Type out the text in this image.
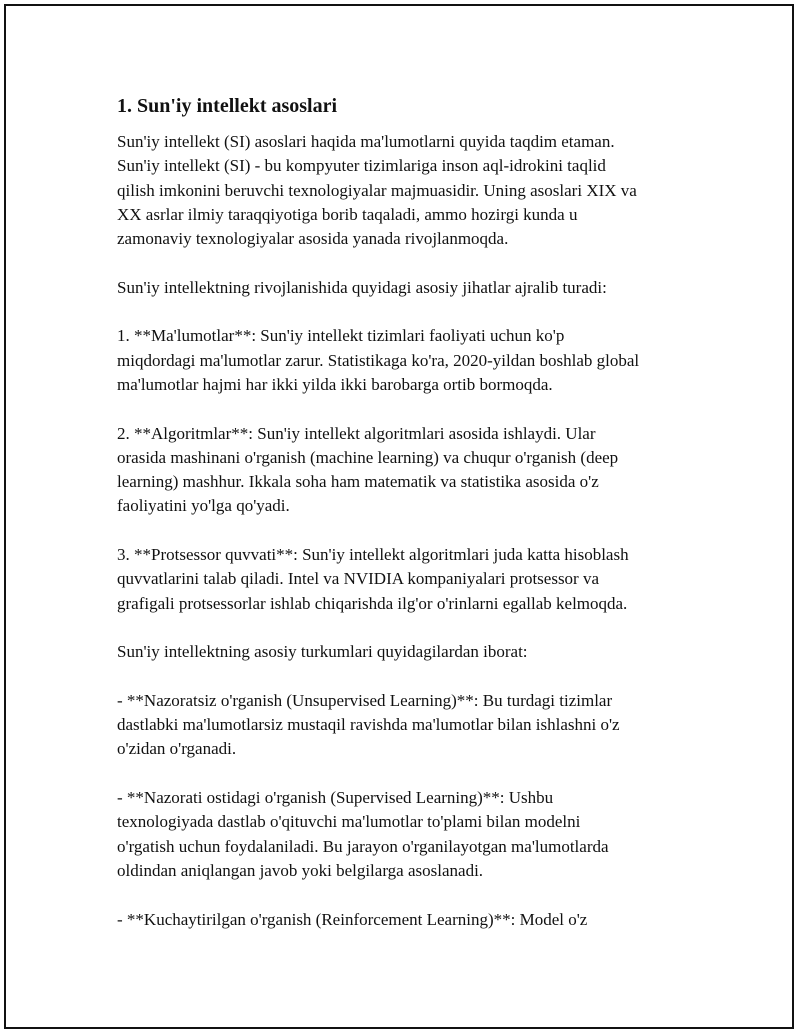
1. Sun'iy intellekt asoslari

Sun'iy intellekt (SI) asoslari haqida ma'lumotlarni quyida taqdim etaman.
Sun'iy intellekt (SI) - bu kompyuter tizimlariga inson aql-idrokini taqlid
qilish imkonini beruvchi texnologiyalar majmuasidir. Uning asoslari XIX va
XX asrlar ilmiy taraqqiyotiga borib taqaladi, ammo hozirgi kunda u
zamonaviy texnologiyalar asosida yanada rivojlanmoqda.

Sun'iy intellektning rivojlanishida quyidagi asosiy jihatlar ajralib turadi:

1. **Ma'lumotlar**: Sun'iy intellekt tizimlari faoliyati uchun ko'p
miqdordagi ma'lumotlar zarur. Statistikaga ko'ra, 2020-yildan boshlab global
ma'lumotlar hajmi har ikki yilda ikki barobarga ortib bormoqda.

2. **Algoritmlar**: Sun'iy intellekt algoritmlari asosida ishlaydi. Ular
orasida mashinani o'rganish (machine learning) va chuqur o'rganish (deep
learning) mashhur. Ikkala soha ham matematik va statistika asosida o'z
faoliyatini yo'lga qo'yadi.

3. **Protsessor quvvati**: Sun'iy intellekt algoritmlari juda katta hisoblash
quvvatlarini talab qiladi. Intel va NVIDIA kompaniyalari protsessor va
grafigali protsessorlar ishlab chiqarishda ilg'or o'rinlarni egallab kelmoqda.

Sun'iy intellektning asosiy turkumlari quyidagilardan iborat:

- **Nazoratsiz o'rganish (Unsupervised Learning)**: Bu turdagi tizimlar
dastlabki ma'lumotlarsiz mustaqil ravishda ma'lumotlar bilan ishlashni o'z
o'zidan o'rganadi.

- **Nazorati ostidagi o'rganish (Supervised Learning)**: Ushbu
texnologiyada dastlab o'qituvchi ma'lumotlar to'plami bilan modelni
o'rgatish uchun foydalaniladi. Bu jarayon o'rganilayotgan ma'lumotlarda
oldindan aniqlangan javob yoki belgilarga asoslanadi.

- **Kuchaytirilgan o'rganish (Reinforcement Learning)**: Model o'z
